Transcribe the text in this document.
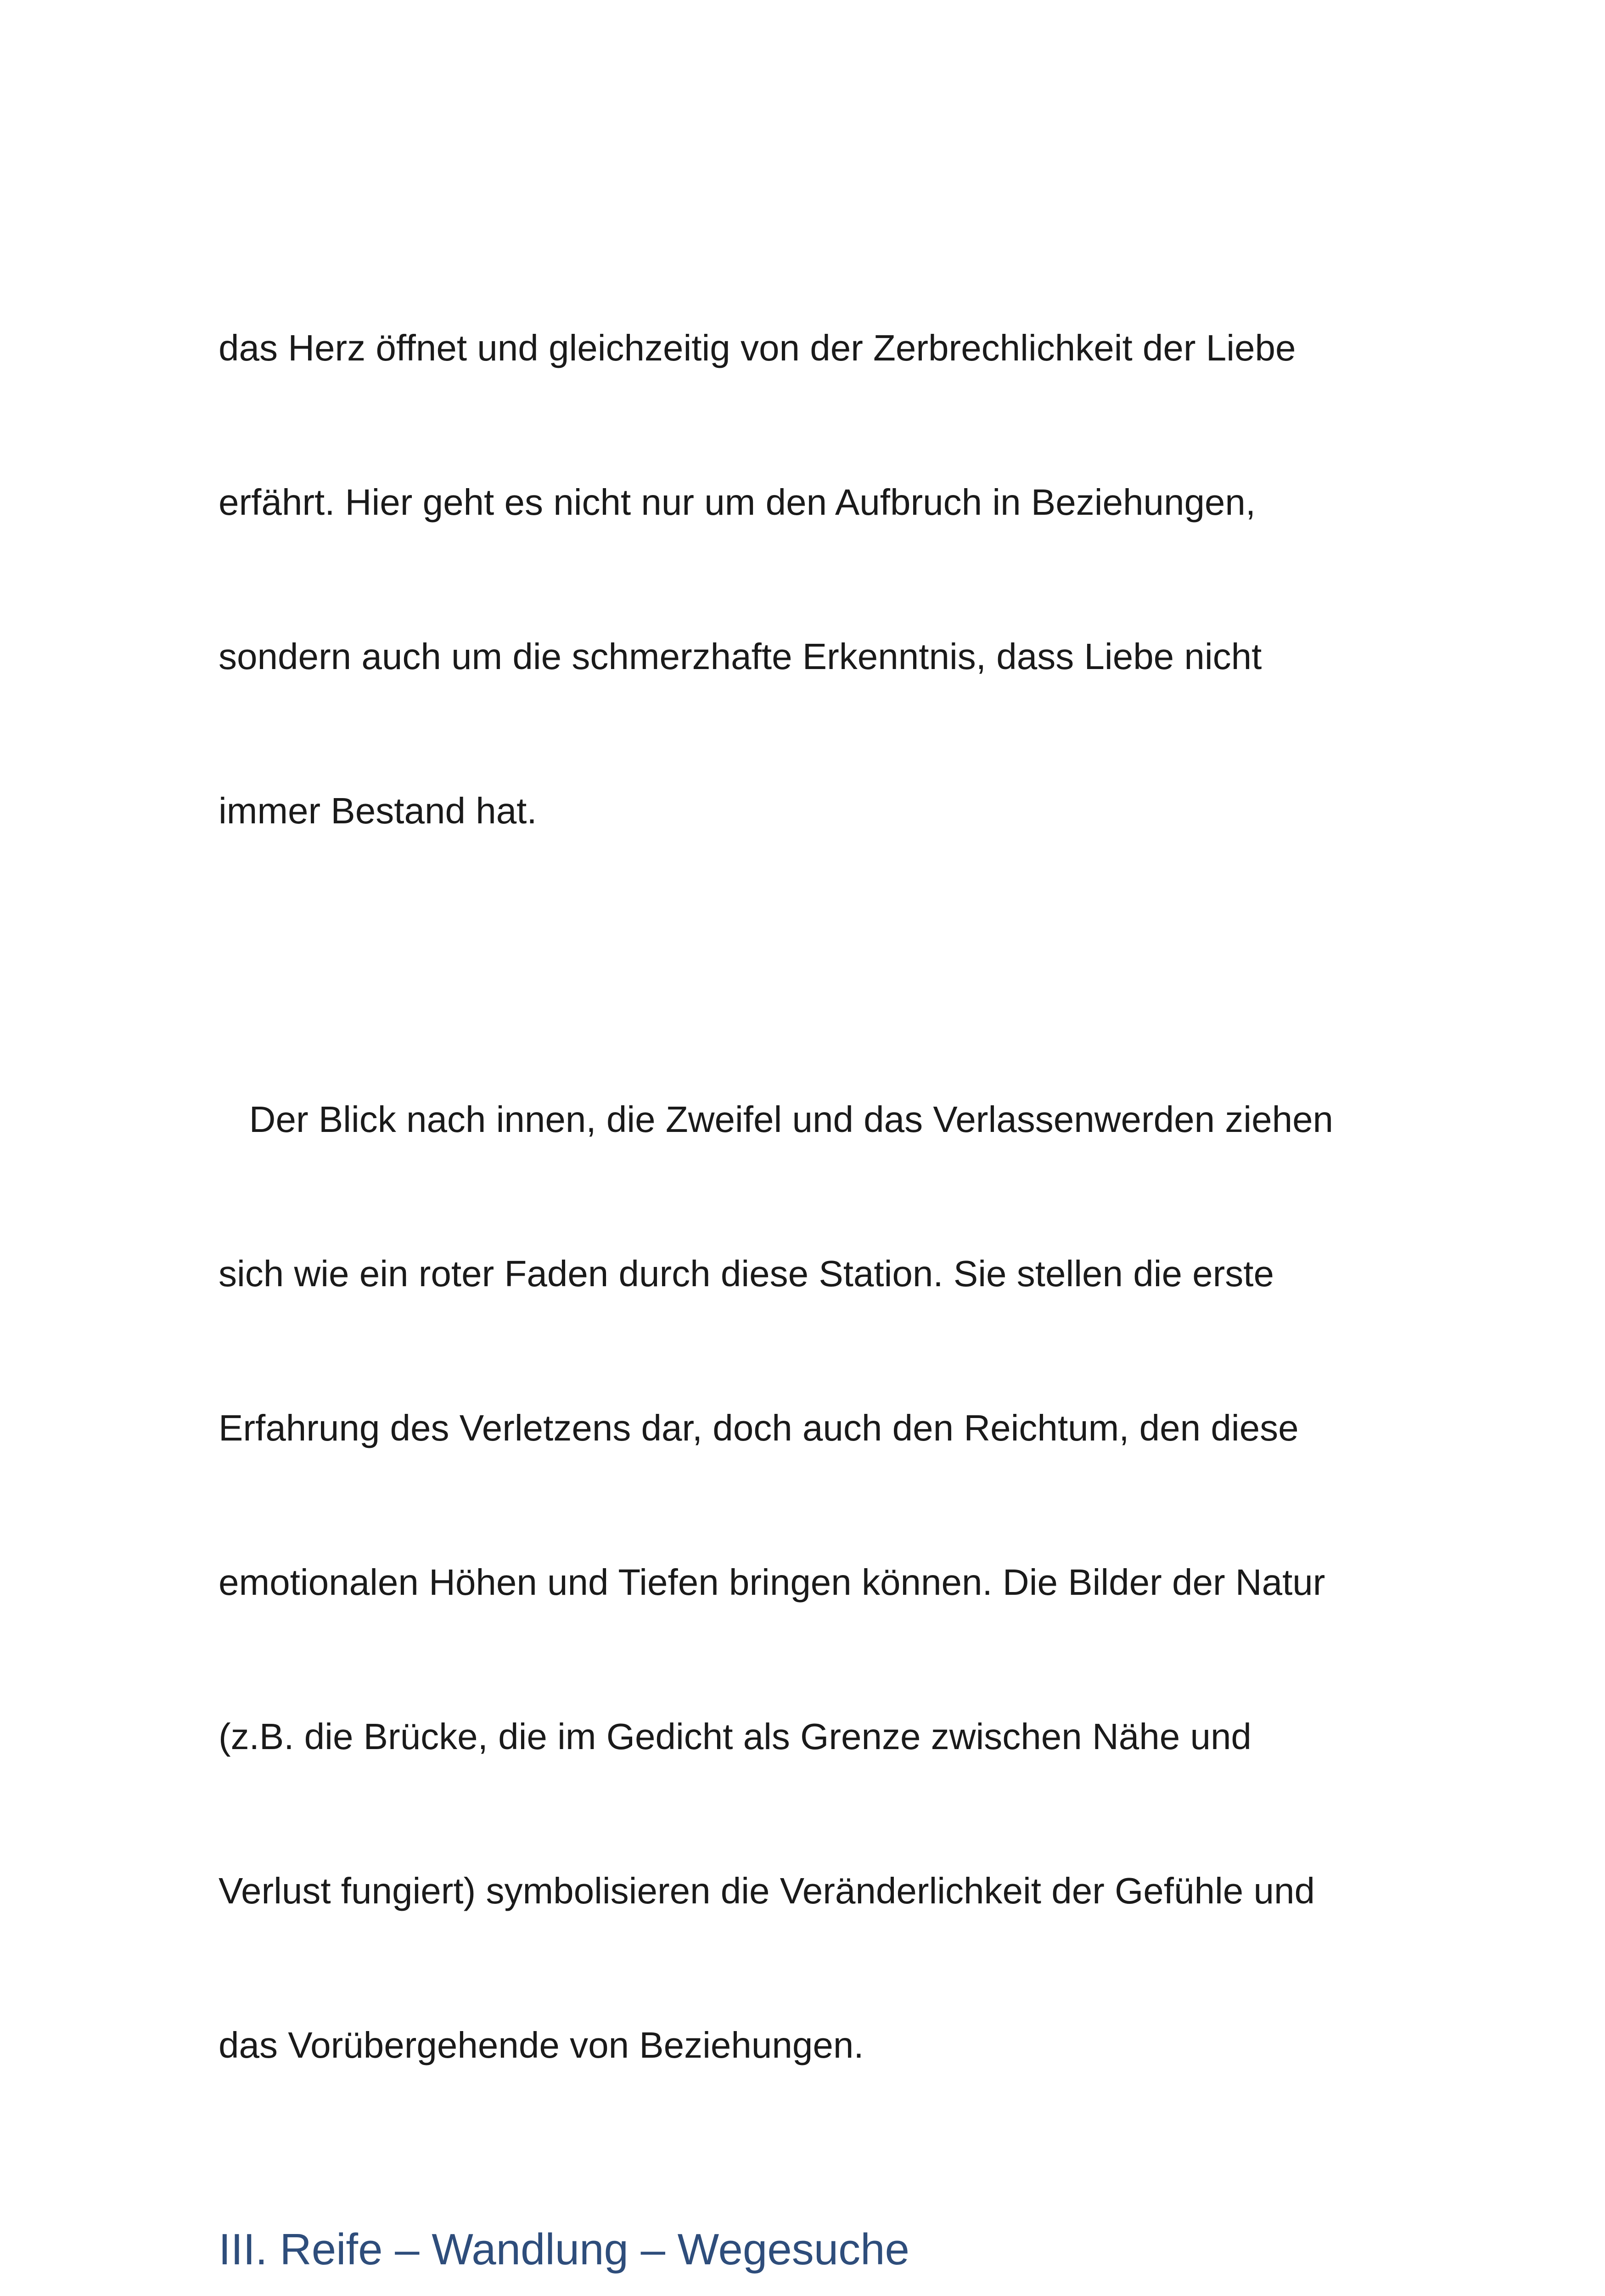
das Herz öffnet und gleichzeitig von der Zerbrechlichkeit der Liebe

erfährt. Hier geht es nicht nur um den Aufbruch in Beziehungen,

sondern auch um die schmerzhafte Erkenntnis, dass Liebe nicht

immer Bestand hat.

Der Blick nach innen, die Zweifel und das Verlassenwerden ziehen

sich wie ein roter Faden durch diese Station. Sie stellen die erste

Erfahrung des Verletzens dar, doch auch den Reichtum, den diese

emotionalen Höhen und Tiefen bringen können. Die Bilder der Natur

(z.B. die Brücke, die im Gedicht als Grenze zwischen Nähe und

Verlust fungiert) symbolisieren die Veränderlichkeit der Gefühle und

das Vorübergehende von Beziehungen.

III. Reife – Wandlung – Wegesuche
